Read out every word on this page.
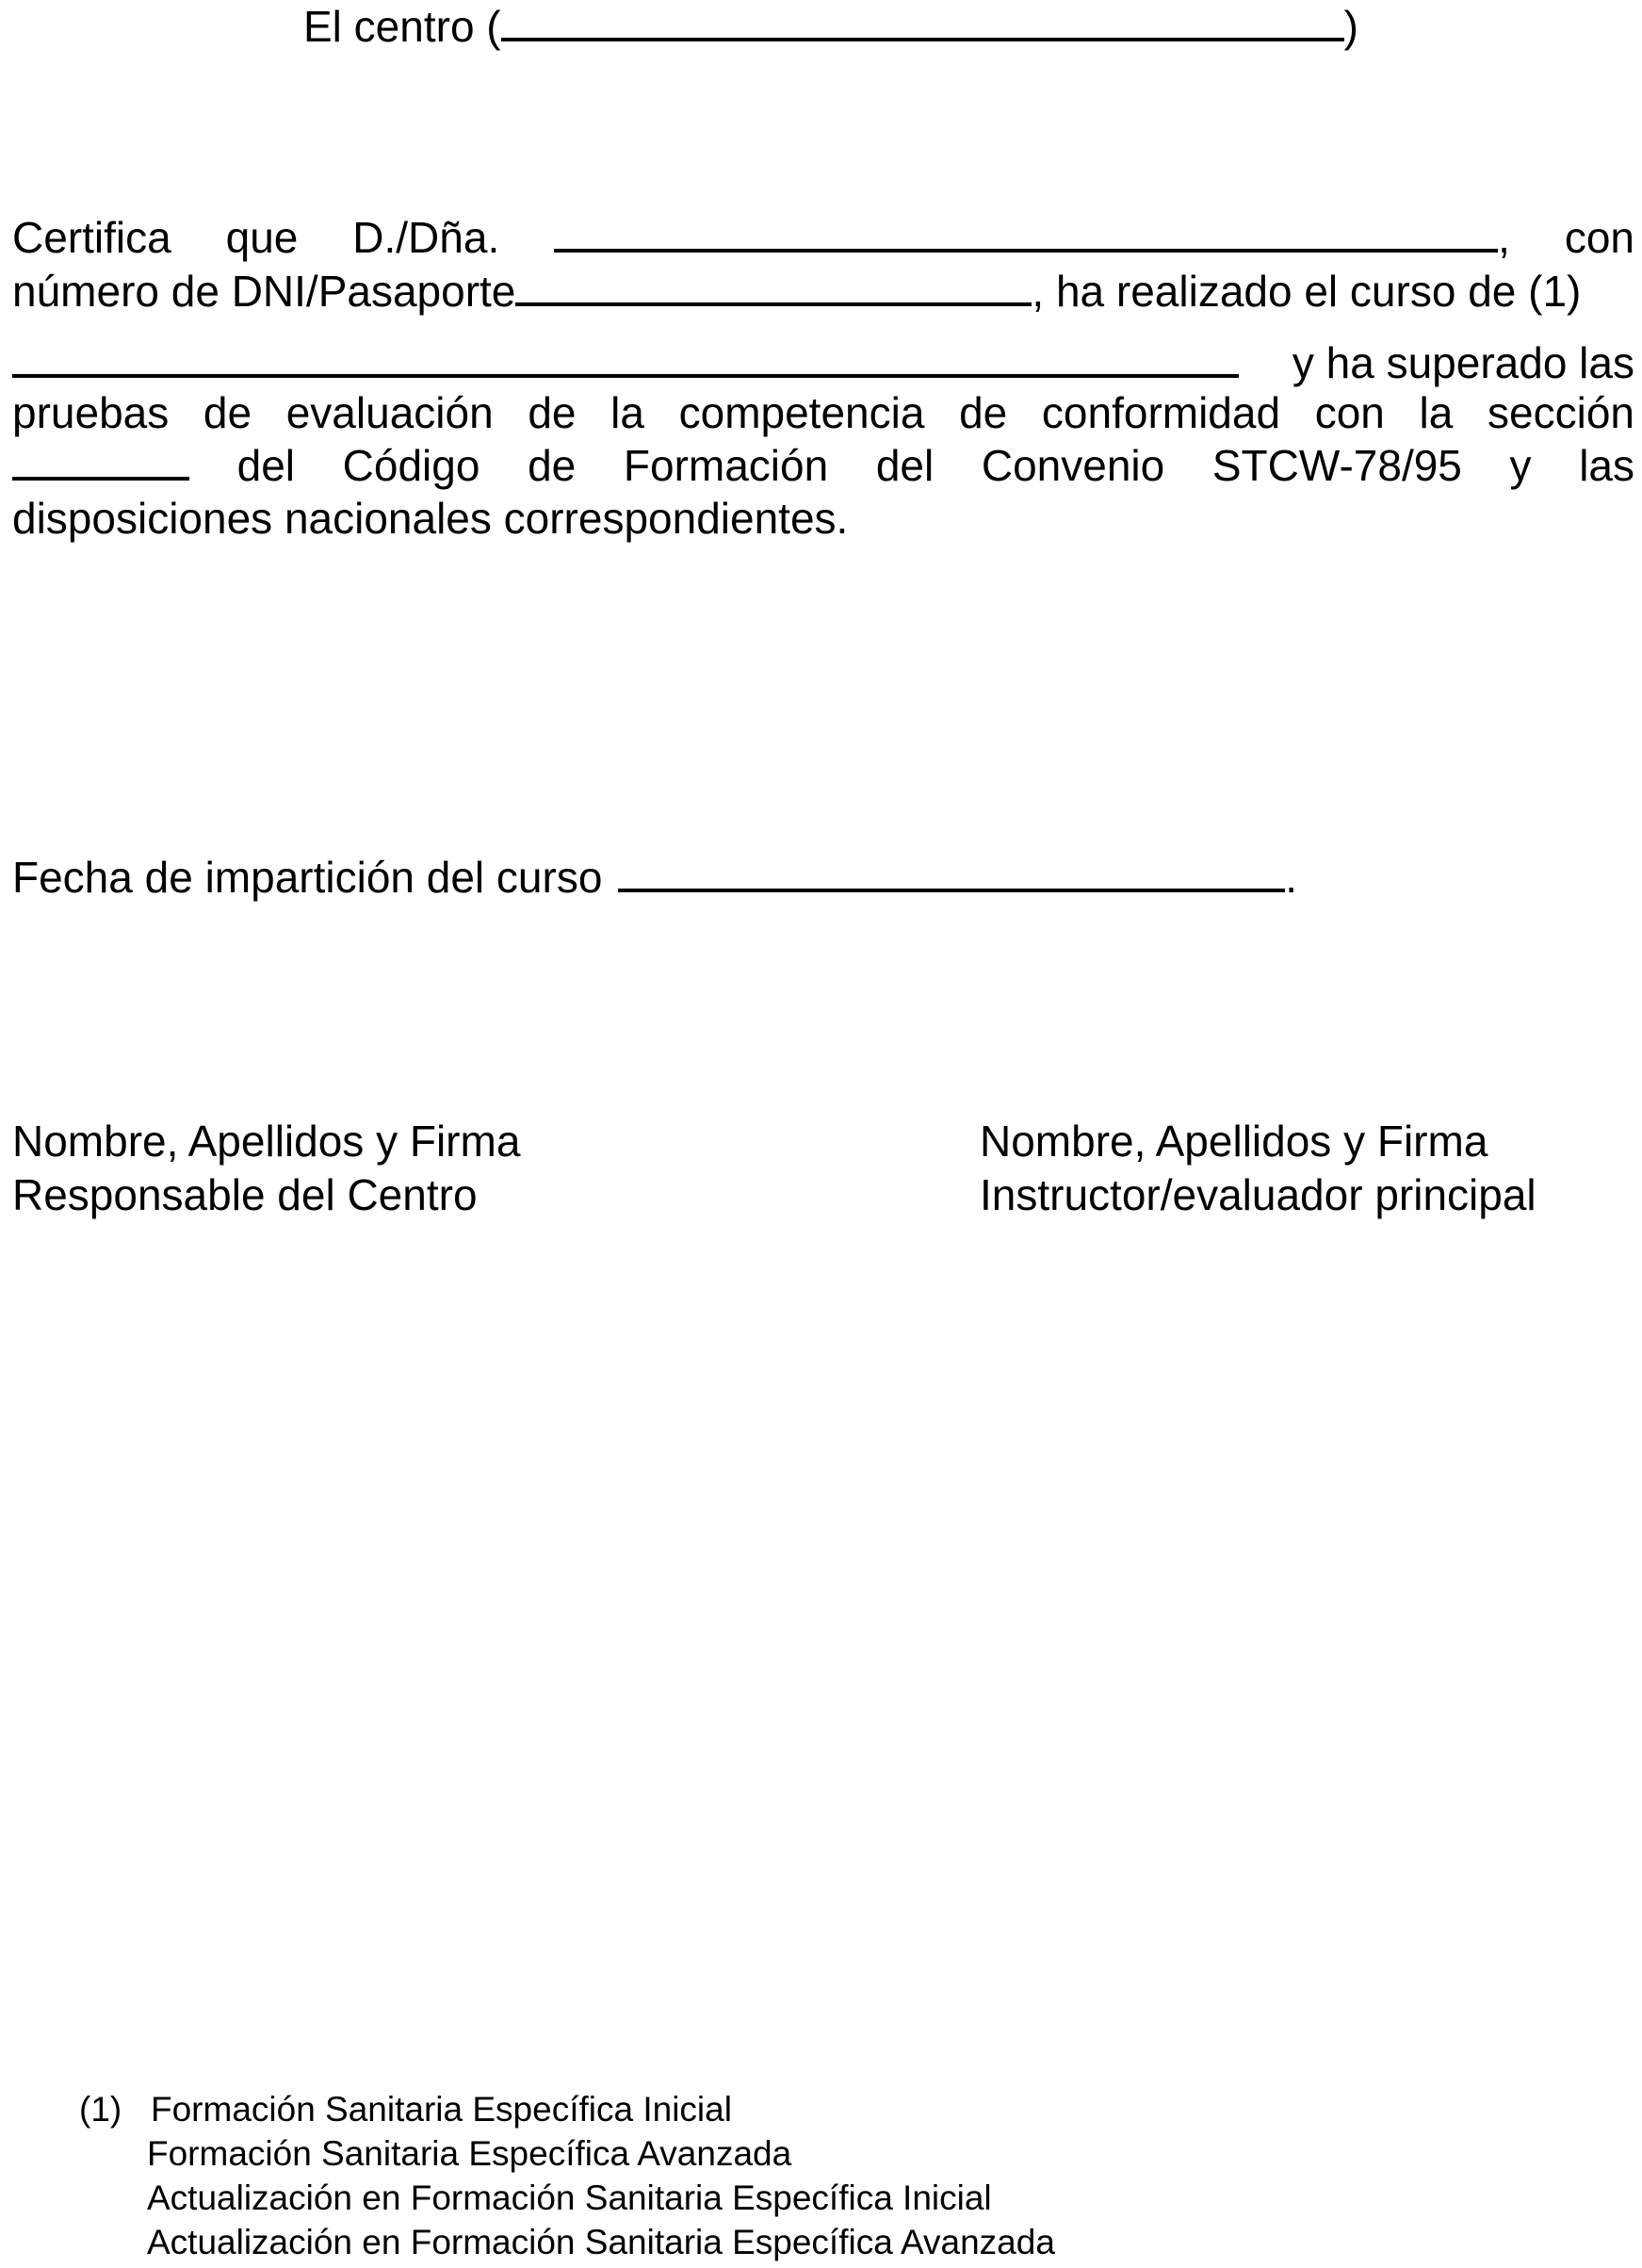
El centro (	)
Certifica que D./Dña.	, con
número de DNI/Pasaporte	, ha realizado el curso de (1)
y ha superado las
pruebas de evaluación de la competencia de conformidad con la sección
del Código de Formación del Convenio STCW-78/95 y las
disposiciones nacionales correspondientes.
Fecha de impartición del curso	.
Nombre, Apellidos y Firma
Responsable del Centro
Nombre, Apellidos y Firma
Instructor/evaluador principal
(1) Formación Sanitaria Específica Inicial
Formación Sanitaria Específica Avanzada
Actualización en Formación Sanitaria Específica Inicial
Actualización en Formación Sanitaria Específica Avanzada
